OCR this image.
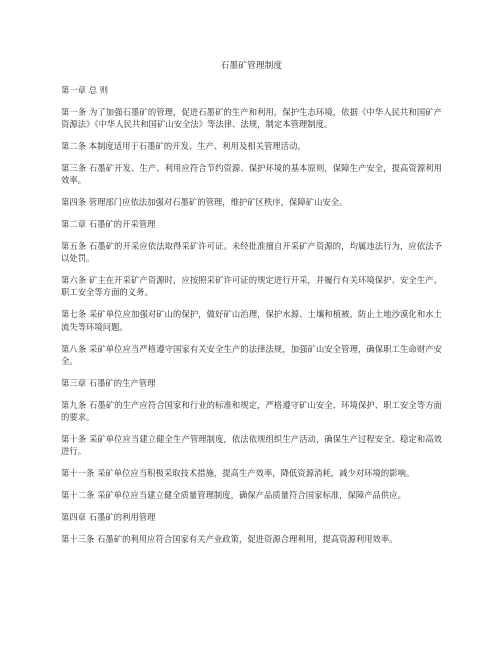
石墨矿管理制度

第一章 总 则

第一条 为了加强石墨矿的管理，促进石墨矿的生产和利用，保护生态环境，依据《中华人民共和国矿产资源法》《中华人民共和国矿山安全法》等法律、法规，制定本管理制度。

第二条 本制度适用于石墨矿的开发、生产、利用及相关管理活动。

第三条 石墨矿开发、生产、利用应符合节约资源、保护环境的基本原则，保障生产安全，提高资源利用效率。

第四条 管理部门应依法加强对石墨矿的管理，维护矿区秩序，保障矿山安全。

第二章 石墨矿的开采管理

第五条 石墨矿的开采应依法取得采矿许可证。未经批准擅自开采矿产资源的，均属违法行为，应依法予以处罚。

第六条 矿主在开采矿产资源时，应按照采矿许可证的规定进行开采，并履行有关环境保护、安全生产、职工安全等方面的义务。

第七条 采矿单位应加强对矿山的保护，做好矿山治理，保护水源、土壤和植被，防止土地沙漠化和水土流失等环境问题。

第八条 采矿单位应当严格遵守国家有关安全生产的法律法规，加强矿山安全管理，确保职工生命财产安全。

第三章 石墨矿的生产管理

第九条 石墨矿的生产应符合国家和行业的标准和规定，严格遵守矿山安全、环境保护、职工安全等方面的要求。

第十条 采矿单位应当建立健全生产管理制度，依法依规组织生产活动，确保生产过程安全、稳定和高效进行。

第十一条 采矿单位应当积极采取技术措施，提高生产效率，降低资源消耗，减少对环境的影响。

第十二条 采矿单位应当建立健全质量管理制度，确保产品质量符合国家标准，保障产品供应。

第四章 石墨矿的利用管理

第十三条 石墨矿的利用应符合国家有关产业政策，促进资源合理利用，提高资源利用效率。
